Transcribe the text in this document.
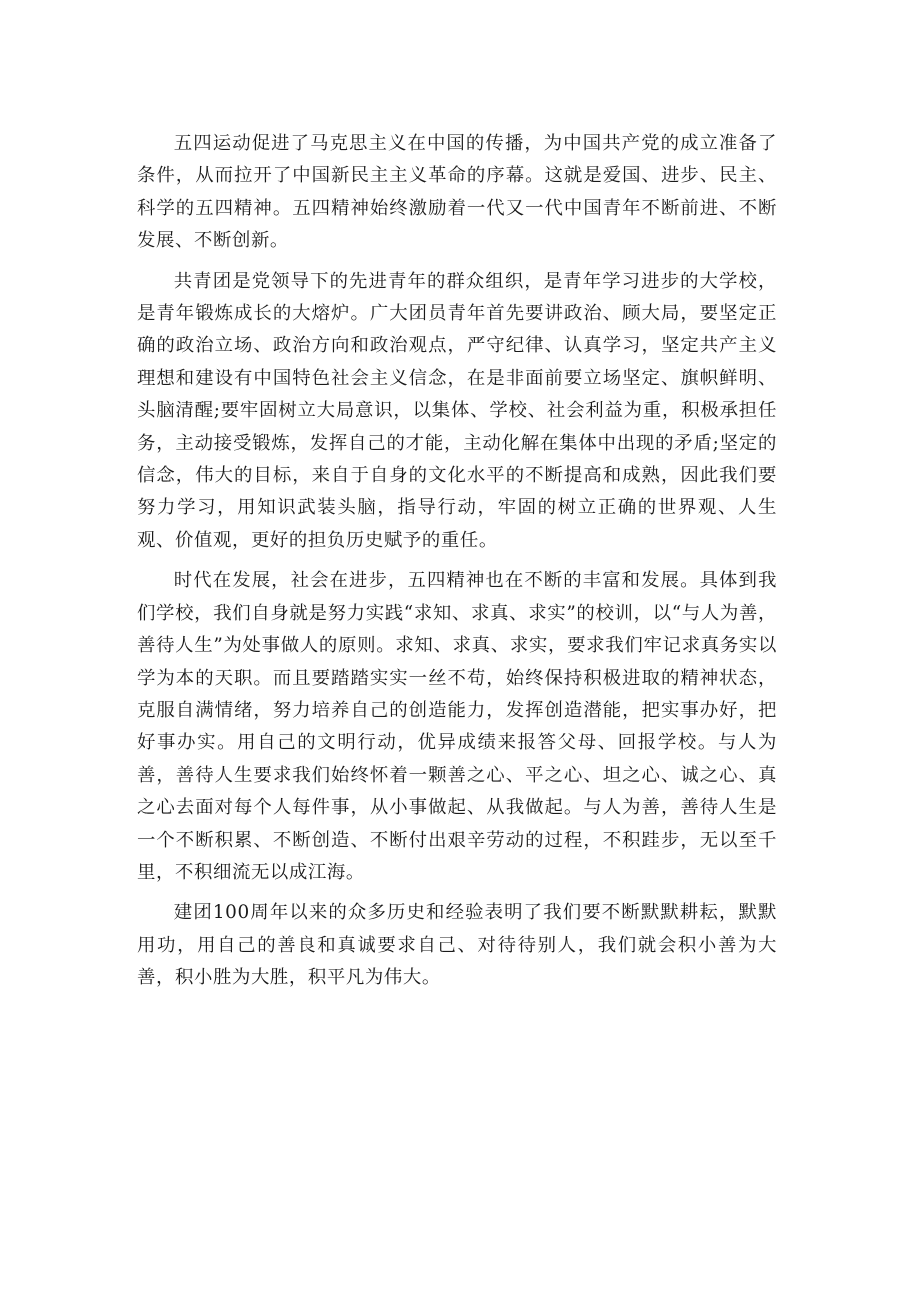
五四运动促进了马克思主义在中国的传播，为中国共产党的成立准备了条件，从而拉开了中国新民主主义革命的序幕。这就是爱国、进步、民主、科学的五四精神。五四精神始终激励着一代又一代中国青年不断前进、不断发展、不断创新。

共青团是党领导下的先进青年的群众组织，是青年学习进步的大学校，是青年锻炼成长的大熔炉。广大团员青年首先要讲政治、顾大局，要坚定正确的政治立场、政治方向和政治观点，严守纪律、认真学习，坚定共产主义理想和建设有中国特色社会主义信念，在是非面前要立场坚定、旗帜鲜明、头脑清醒;要牢固树立大局意识，以集体、学校、社会利益为重，积极承担任务，主动接受锻炼，发挥自己的才能，主动化解在集体中出现的矛盾;坚定的信念，伟大的目标，来自于自身的文化水平的不断提高和成熟，因此我们要努力学习，用知识武装头脑，指导行动，牢固的树立正确的世界观、人生观、价值观，更好的担负历史赋予的重任。

时代在发展，社会在进步，五四精神也在不断的丰富和发展。具体到我们学校，我们自身就是努力实践“求知、求真、求实”的校训，以“与人为善，善待人生”为处事做人的原则。求知、求真、求实，要求我们牢记求真务实以学为本的天职。而且要踏踏实实一丝不苟，始终保持积极进取的精神状态，克服自满情绪，努力培养自己的创造能力，发挥创造潜能，把实事办好，把好事办实。用自己的文明行动，优异成绩来报答父母、回报学校。与人为善，善待人生要求我们始终怀着一颗善之心、平之心、坦之心、诚之心、真之心去面对每个人每件事，从小事做起、从我做起。与人为善，善待人生是一个不断积累、不断创造、不断付出艰辛劳动的过程，不积跬步，无以至千里，不积细流无以成江海。

建团100周年以来的众多历史和经验表明了我们要不断默默耕耘，默默用功，用自己的善良和真诚要求自己、对待待别人，我们就会积小善为大善，积小胜为大胜，积平凡为伟大。
